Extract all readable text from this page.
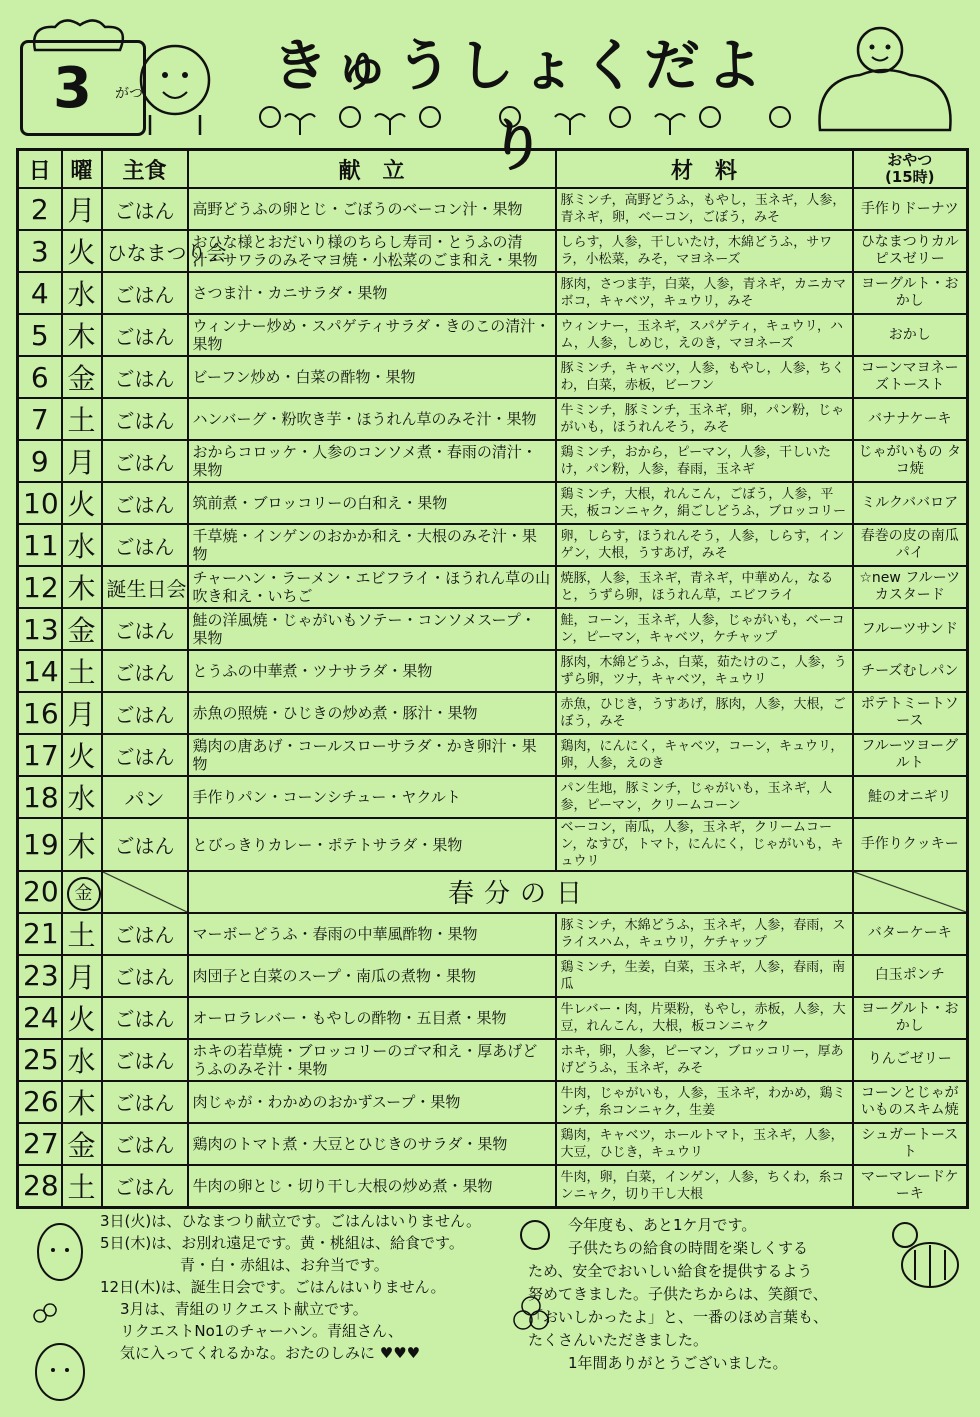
3 がつ きゅうしょくだより
日	曜	主食	献　立	材　料	おやつ
(15時)

2	月	ごはん	高野どうふの卵とじ・ごぼうのベーコン汁・果物	豚ミンチ，高野どうふ，もやし，玉ネギ，人参，青ネギ，卵，ベーコン，ごぼう，みそ	手作りドーナツ
3	火	ひなまつり会	おひな様とおだいり様のちらし寿司・とうふの清汁・サワラのみそマヨ焼・小松菜のごま和え・果物	しらす，人参，干しいたけ，木綿どうふ，サワラ，小松菜，みそ，マヨネーズ	ひなまつりカルピスゼリー
4	水	ごはん	さつま汁・カニサラダ・果物	豚肉，さつま芋，白菜，人参，青ネギ，カニカマボコ，キャベツ，キュウリ，みそ	ヨーグルト・おかし
5	木	ごはん	ウィンナー炒め・スパゲティサラダ・きのこの清汁・果物	ウィンナー，玉ネギ，スパゲティ，キュウリ，ハム，人参，しめじ，えのき，マヨネーズ	おかし
6	金	ごはん	ビーフン炒め・白菜の酢物・果物	豚ミンチ，キャベツ，人参，もやし，人参，ちくわ，白菜，赤板，ビーフン	コーンマヨネーズトースト
7	土	ごはん	ハンバーグ・粉吹き芋・ほうれん草のみそ汁・果物	牛ミンチ，豚ミンチ，玉ネギ，卵，パン粉，じゃがいも，ほうれんそう，みそ	バナナケーキ
9	月	ごはん	おからコロッケ・人参のコンソメ煮・春雨の清汁・果物	鶏ミンチ，おから，ピーマン，人参，干しいたけ，パン粉，人参，春雨，玉ネギ	じゃがいもの タコ焼
10	火	ごはん	筑前煮・ブロッコリーの白和え・果物	鶏ミンチ，大根，れんこん，ごぼう，人参，平天，板コンニャク，絹ごしどうふ，ブロッコリー	ミルクババロア
11	水	ごはん	千草焼・インゲンのおかか和え・大根のみそ汁・果物	卵，しらす，ほうれんそう，人参，しらす，インゲン，大根，うすあげ，みそ	春巻の皮の南瓜パイ
12	木	誕生日会	チャーハン・ラーメン・エビフライ・ほうれん草の山吹き和え・いちご	焼豚，人参，玉ネギ，青ネギ，中華めん，なると，うずら卵，ほうれん草，エビフライ	☆new フルーツカスタード
13	金	ごはん	鮭の洋風焼・じゃがいもソテー・コンソメスープ・果物	鮭，コーン，玉ネギ，人参，じゃがいも，ベーコン，ピーマン，キャベツ，ケチャップ	フルーツサンド
14	土	ごはん	とうふの中華煮・ツナサラダ・果物	豚肉，木綿どうふ，白菜，茹たけのこ，人参，うずら卵，ツナ，キャベツ，キュウリ	チーズむしパン
16	月	ごはん	赤魚の照焼・ひじきの炒め煮・豚汁・果物	赤魚，ひじき，うすあげ，豚肉，人参，大根，ごぼう，みそ	ポテトミートソース
17	火	ごはん	鶏肉の唐あげ・コールスローサラダ・かき卵汁・果物	鶏肉，にんにく，キャベツ，コーン，キュウリ，卵，人参，えのき	フルーツヨーグルト
18	水	パン	手作りパン・コーンシチュー・ヤクルト	パン生地，豚ミンチ，じゃがいも，玉ネギ，人参，ピーマン，クリームコーン	鮭のオニギリ
19	木	ごはん	とびっきりカレー・ポテトサラダ・果物	ベーコン，南瓜，人参，玉ネギ，クリームコーン，なすび，トマト，にんにく，じゃがいも，キュウリ	手作りクッキー
20	金		春分の日		
21	土	ごはん	マーボーどうふ・春雨の中華風酢物・果物	豚ミンチ，木綿どうふ，玉ネギ，人参，春雨，スライスハム，キュウリ，ケチャップ	バターケーキ
23	月	ごはん	肉団子と白菜のスープ・南瓜の煮物・果物	鶏ミンチ，生姜，白菜，玉ネギ，人参，春雨，南瓜	白玉ポンチ
24	火	ごはん	オーロラレバー・もやしの酢物・五目煮・果物	牛レバー・肉，片栗粉，もやし，赤板，人参，大豆，れんこん，大根，板コンニャク	ヨーグルト・おかし
25	水	ごはん	ホキの若草焼・ブロッコリーのゴマ和え・厚あげどうふのみそ汁・果物	ホキ，卵，人参，ピーマン，ブロッコリー，厚あげどうふ，玉ネギ，みそ	りんごゼリー
26	木	ごはん	肉じゃが・わかめのおかずスープ・果物	牛肉，じゃがいも，人参，玉ネギ，わかめ，鶏ミンチ，糸コンニャク，生姜	コーンとじゃがいものスキム焼
27	金	ごはん	鶏肉のトマト煮・大豆とひじきのサラダ・果物	鶏肉，キャベツ，ホールトマト，玉ネギ，人参，大豆，ひじき，キュウリ	シュガートースト
28	土	ごはん	牛肉の卵とじ・切り干し大根の炒め煮・果物	牛肉，卵，白菜，インゲン，人参，ちくわ，糸コンニャク，切り干し大根	マーマレードケーキ
3日(火)は、ひなまつり献立です。ごはんはいりません。
5日(木)は、お別れ遠足です。黄・桃組は、給食です。
青・白・赤組は、お弁当です。
12日(木)は、誕生日会です。ごはんはいりません。
3月は、青組のリクエスト献立です。
リクエストNo1のチャーハン。青組さん、
気に入ってくれるかな。おたのしみに ♥♥♥
今年度も、あと1ケ月です。
子供たちの給食の時間を楽しくする
ため、安全でおいしい給食を提供するよう
努めてきました。子供たちからは、笑顔で、
「おいしかったよ」と、一番のほめ言葉も、
たくさんいただきました。
1年間ありがとうございました。
